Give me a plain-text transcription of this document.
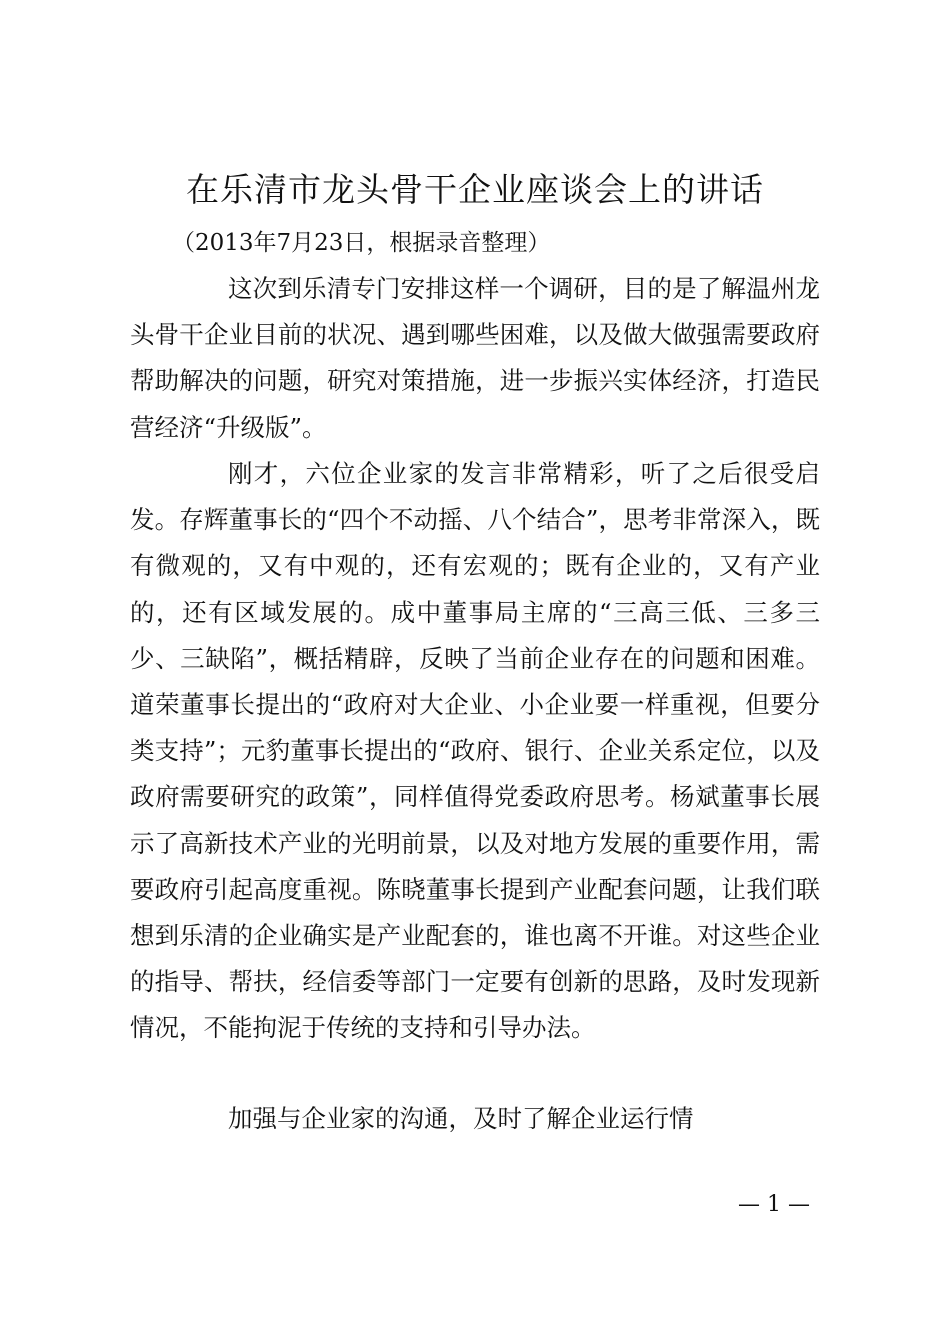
在乐清市龙头骨干企业座谈会上的讲话
（2013年7月23日，根据录音整理）

这次到乐清专门安排这样一个调研，目的是了解温州龙头骨干企业目前的状况、遇到哪些困难，以及做大做强需要政府帮助解决的问题，研究对策措施，进一步振兴实体经济，打造民营经济“升级版”。

刚才，六位企业家的发言非常精彩，听了之后很受启发。存辉董事长的“四个不动摇、八个结合”，思考非常深入，既有微观的，又有中观的，还有宏观的；既有企业的，又有产业的，还有区域发展的。成中董事局主席的“三高三低、三多三少、三缺陷”，概括精辟，反映了当前企业存在的问题和困难。道荣董事长提出的“政府对大企业、小企业要一样重视，但要分类支持”；元豹董事长提出的“政府、银行、企业关系定位，以及政府需要研究的政策”，同样值得党委政府思考。杨斌董事长展示了高新技术产业的光明前景，以及对地方发展的重要作用，需要政府引起高度重视。陈晓董事长提到产业配套问题，让我们联想到乐清的企业确实是产业配套的，谁也离不开谁。对这些企业的指导、帮扶，经信委等部门一定要有创新的思路，及时发现新情况，不能拘泥于传统的支持和引导办法。

加强与企业家的沟通，及时了解企业运行情

— 1 —
